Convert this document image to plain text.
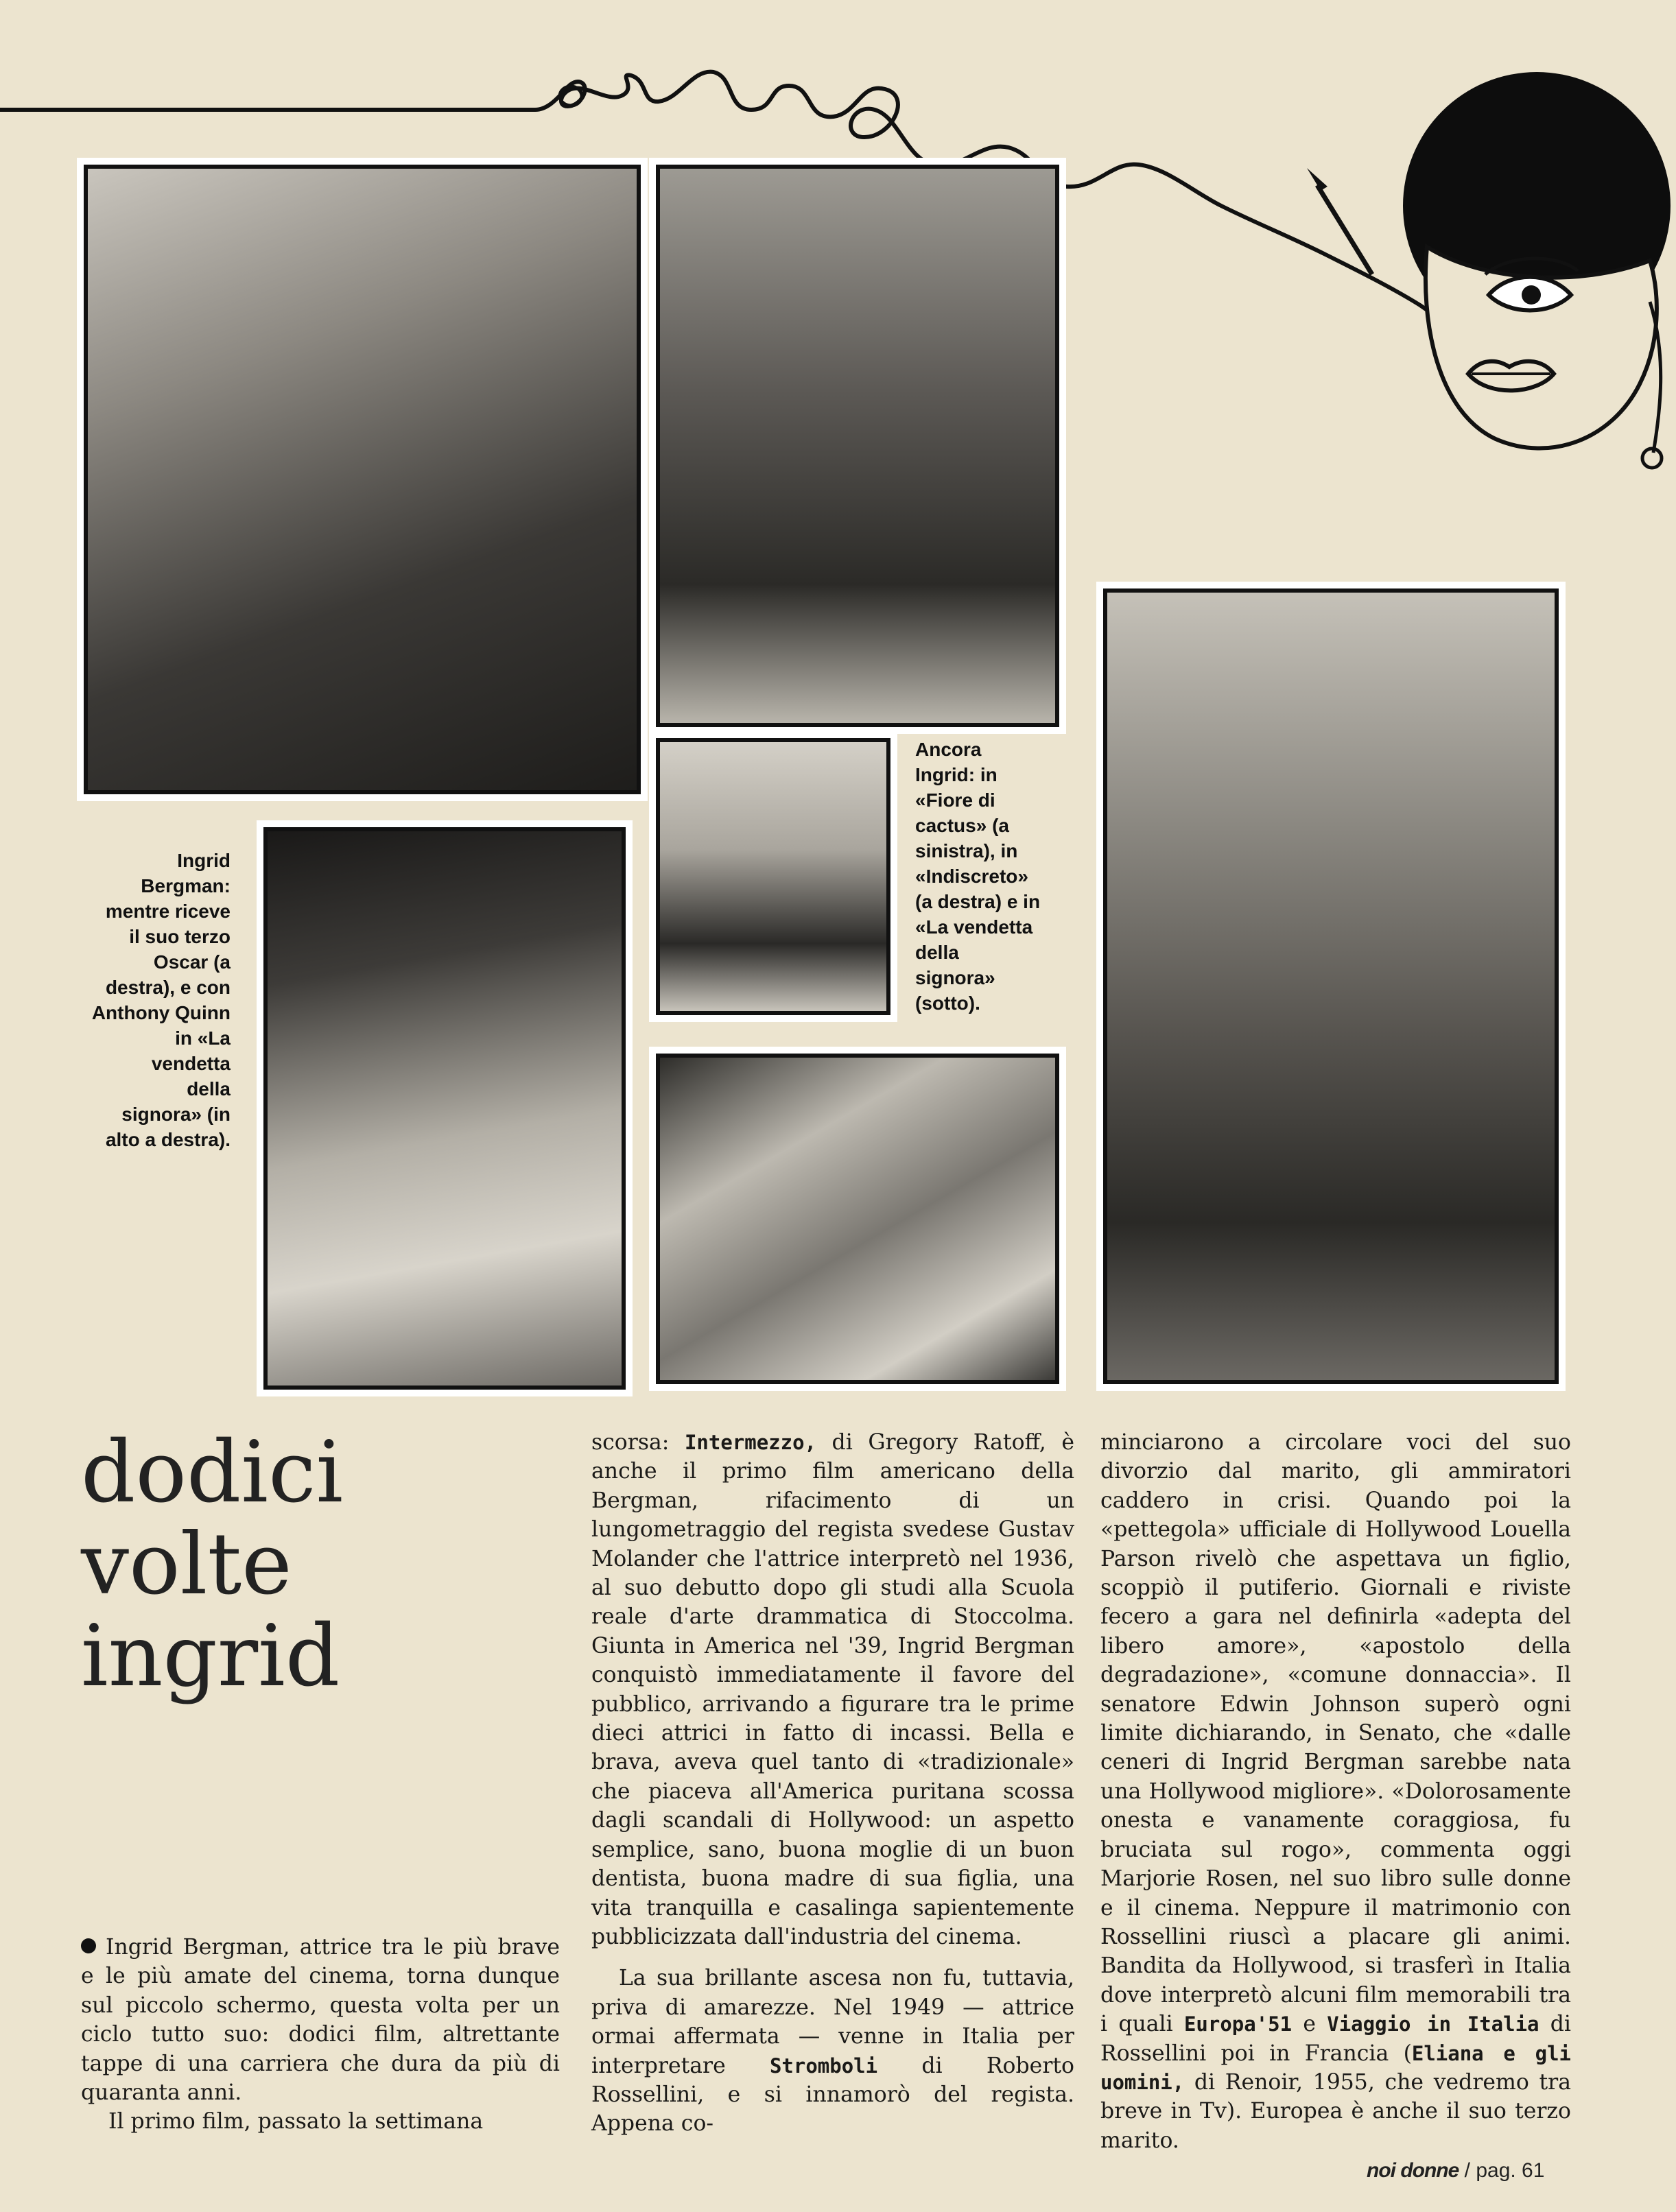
Ingrid
Bergman:
mentre riceve
il suo terzo
Oscar (a
destra), e con
Anthony Quinn
in «La
vendetta
della
signora» (in
alto a destra).
Ancora
Ingrid: in
«Fiore di
cactus» (a
sinistra), in
«Indiscreto»
(a destra) e in
«La vendetta
della
signora»
(sotto).
dodici
volte
ingrid

Ingrid Bergman, attrice tra le più brave e le più amate del cinema, torna dunque sul piccolo schermo, questa volta per un ciclo tutto suo: dodici film, altrettante tappe di una carriera che dura da più di quaranta anni.

Il primo film, passato la settimana

scorsa: Intermezzo, di Gregory Ratoff, è anche il primo film americano della Bergman, rifacimento di un lungometraggio del regista svedese Gustav Molander che l'attrice interpretò nel 1936, al suo debutto dopo gli studi alla Scuola reale d'arte drammatica di Stoccolma. Giunta in America nel '39, Ingrid Bergman conquistò immediatamente il favore del pubblico, arrivando a figurare tra le prime dieci attrici in fatto di incassi. Bella e brava, aveva quel tanto di «tradizionale» che piaceva all'America puritana scossa dagli scandali di Hollywood: un aspetto semplice, sano, buona moglie di un buon dentista, buona madre di sua figlia, una vita tranquilla e casalinga sapientemente pubblicizzata dall'industria del cinema.

La sua brillante ascesa non fu, tuttavia, priva di amarezze. Nel 1949 — attrice ormai affermata — venne in Italia per interpretare Stromboli di Roberto Rossellini, e si innamorò del regista. Appena co-

minciarono a circolare voci del suo divorzio dal marito, gli ammiratori caddero in crisi. Quando poi la «pettegola» ufficiale di Hollywood Louella Parson rivelò che aspettava un figlio, scoppiò il putiferio. Giornali e riviste fecero a gara nel definirla «adepta del libero amore», «apostolo della degradazione», «comune donnaccia». Il senatore Edwin Johnson superò ogni limite dichiarando, in Senato, che «dalle ceneri di Ingrid Bergman sarebbe nata una Hollywood migliore». «Dolorosamente onesta e vanamente coraggiosa, fu bruciata sul rogo», commenta oggi Marjorie Rosen, nel suo libro sulle donne e il cinema. Neppure il matrimonio con Rossellini riuscì a placare gli animi. Bandita da Hollywood, si trasferì in Italia dove interpretò alcuni film memorabili tra i quali Europa'51 e Viaggio in Italia di Rossellini poi in Francia (Eliana e gli uomini, di Renoir, 1955, che vedremo tra breve in Tv). Europea è anche il suo terzo marito.

noi donne / pag. 61
